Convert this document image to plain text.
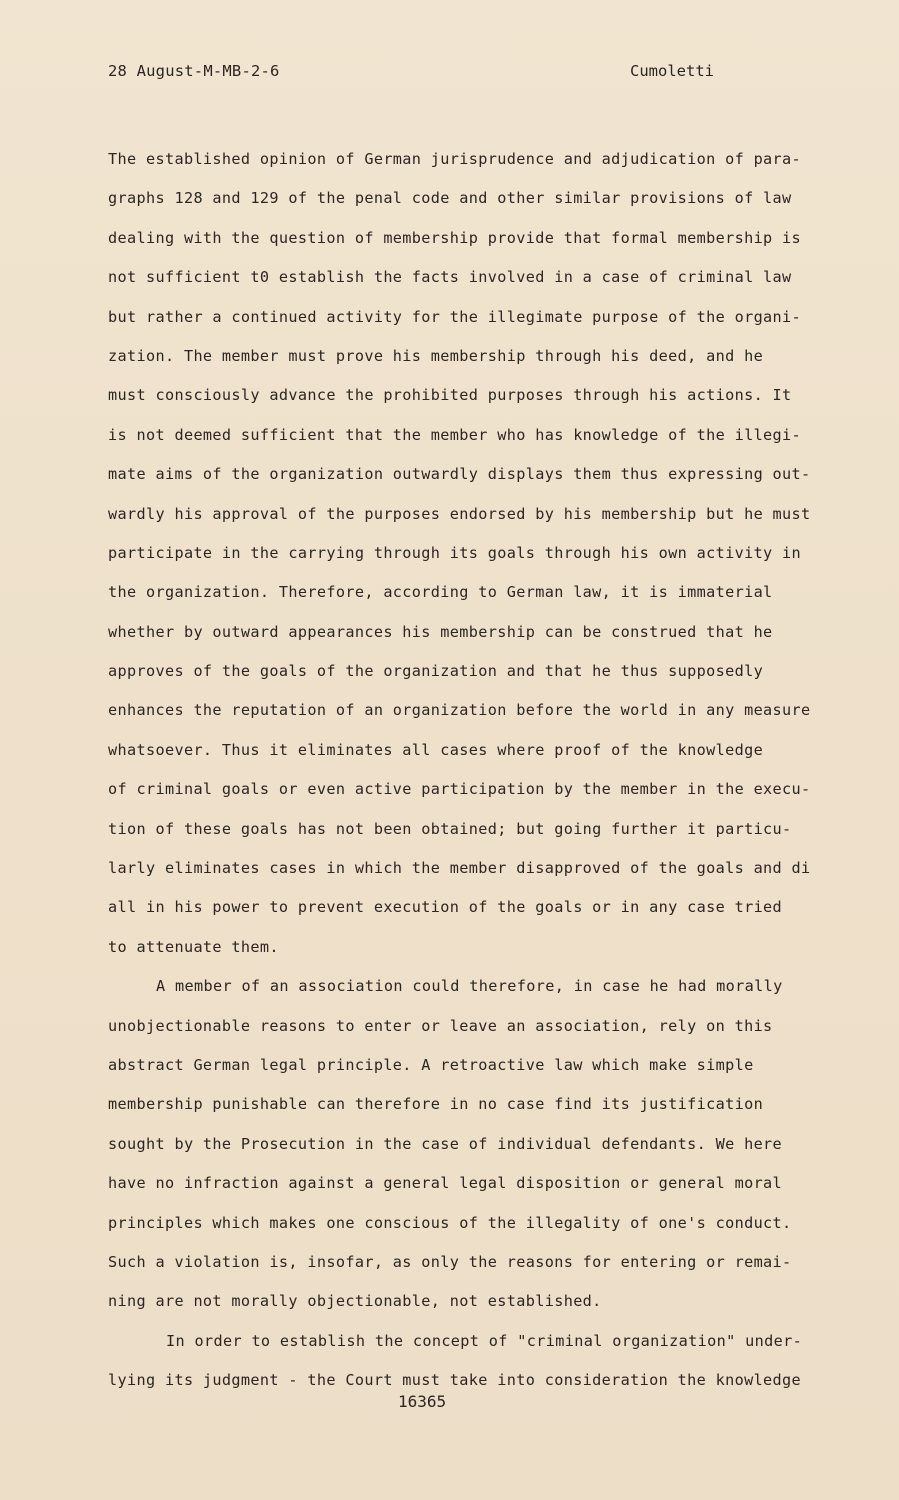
28 August-M-MB-2-6	Cumoletti
The established opinion of German jurisprudence and adjudication of para-
graphs 128 and 129 of the penal code and other similar provisions of law
dealing with the question of membership provide that formal membership is
not sufficient t0 establish the facts involved in a case of criminal law
but rather a continued activity for the illegimate purpose of the organi-
zation. The member must prove his membership through his deed, and he
must consciously advance the prohibited purposes through his actions. It
is not deemed sufficient that the member who has knowledge of the illegi-
mate aims of the organization outwardly displays them thus expressing out-
wardly his approval of the purposes endorsed by his membership but he must
participate in the carrying through its goals through his own activity in
the organization. Therefore, according to German law, it is immaterial
whether by outward appearances his membership can be construed that he
approves of the goals of the organization and that he thus supposedly
enhances the reputation of an organization before the world in any measure
whatsoever. Thus it eliminates all cases where proof of the knowledge
of criminal goals or even active participation by the member in the execu-
tion of these goals has not been obtained; but going further it particu-
larly eliminates cases in which the member disapproved of the goals and di
all in his power to prevent execution of the goals or in any case tried
to attenuate them.
A member of an association could therefore, in case he had morally
unobjectionable reasons to enter or leave an association, rely on this
abstract German legal principle. A retroactive law which make simple
membership punishable can therefore in no case find its justification
sought by the Prosecution in the case of individual defendants. We here
have no infraction against a general legal disposition or general moral
principles which makes one conscious of the illegality of one's conduct.
Such a violation is, insofar, as only the reasons for entering or remai-
ning are not morally objectionable, not established.
In order to establish the concept of "criminal organization" under-
lying its judgment - the Court must take into consideration the knowledge
16365
